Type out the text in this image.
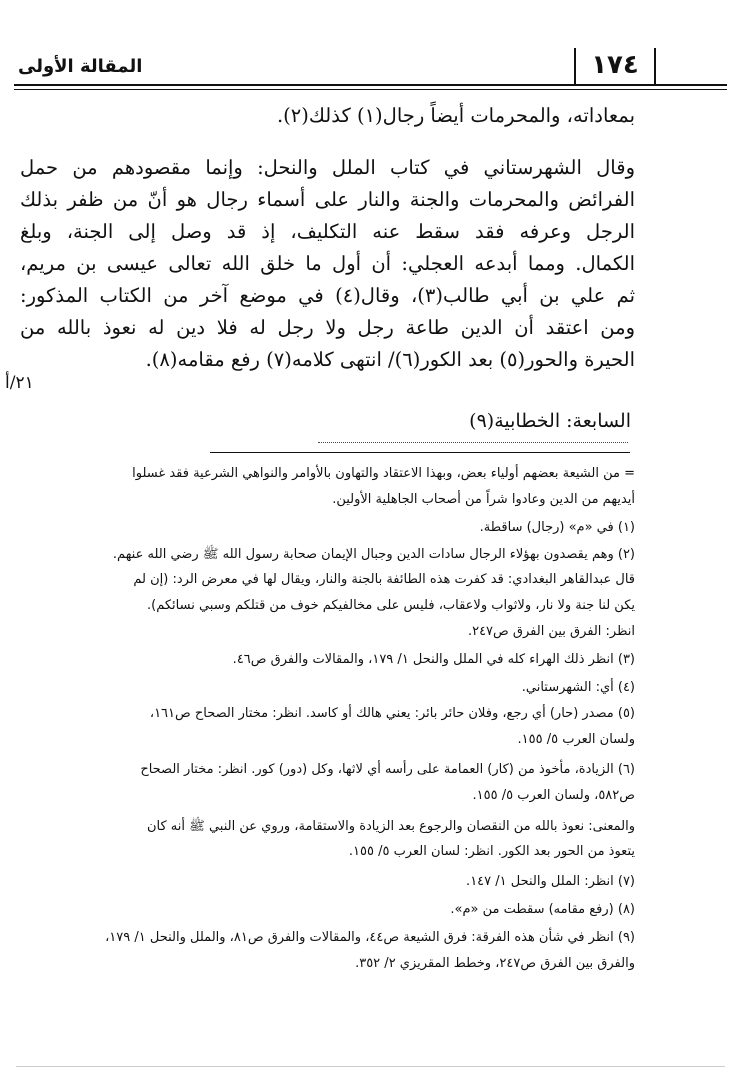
١٧٤
المقالة الأولى
بمعاداته، والمحرمات أيضاً رجال(١) كذلك(٢).
وقال الشهرستاني في كتاب الملل والنحل: وإنما مقصودهم من حمل
الفرائض والمحرمات والجنة والنار على أسماء رجال هو أنّ من ظفر بذلك
الرجل وعرفه فقد سقط عنه التكليف، إذ قد وصل إلى الجنة، وبلغ
الكمال. ومما أبدعه العجلي: أن أول ما خلق الله تعالى عيسى بن مريم،
ثم علي بن أبي طالب(٣)، وقال(٤) في موضع آخر من الكتاب المذكور:
ومن اعتقد أن الدين طاعة رجل ولا رجل له فلا دين له نعوذ بالله من
الحيرة والحور(٥) بعد الكور(٦)/ انتهى كلامه(٧) رفع مقامه(٨).
٢١/أ
السابعة: الخطابية(٩)
= من الشيعة بعضهم أولياء بعض، وبهذا الاعتقاد والتهاون بالأوامر والنواهي الشرعية فقد غسلوا
أيديهم من الدين وعادوا شراً من أصحاب الجاهلية الأولين.
(١) في «م» (رجال) ساقطة.
(٢) وهم يقصدون بهؤلاء الرجال سادات الدين وجبال الإيمان صحابة رسول الله ﷺ رضي الله عنهم.
قال عبدالقاهر البغدادي: قد كفرت هذه الطائفة بالجنة والنار، ويقال لها في معرض الرد: (إن لم
يكن لنا جنة ولا نار، ولاثواب ولاعقاب، فليس على مخالفيكم خوف من قتلكم وسبي نسائكم).
انظر: الفرق بين الفرق ص٢٤٧.
(٣) انظر ذلك الهراء كله في الملل والنحل ١/ ١٧٩، والمقالات والفرق ص٤٦.
(٤) أي: الشهرستاني.
(٥) مصدر (حار) أي رجع، وفلان حائر بائر: يعني هالك أو كاسد. انظر: مختار الصحاح ص١٦١،
ولسان العرب ٥/ ١٥٥.
(٦) الزيادة، مأخوذ من (كار) العمامة على رأسه أي لاثها، وكل (دور) كور. انظر: مختار الصحاح
ص٥٨٢، ولسان العرب ٥/ ١٥٥.
والمعنى: نعوذ بالله من النقصان والرجوع بعد الزيادة والاستقامة، وروي عن النبي ﷺ أنه كان
يتعوذ من الحور بعد الكور. انظر: لسان العرب ٥/ ١٥٥.
(٧) انظر: الملل والنحل ١/ ١٤٧.
(٨) (رفع مقامه) سقطت من «م».
(٩) انظر في شأن هذه الفرقة: فرق الشيعة ص٤٤، والمقالات والفرق ص٨١، والملل والنحل ١/ ١٧٩،
والفرق بين الفرق ص٢٤٧، وخطط المقريزي ٢/ ٣٥٢.
